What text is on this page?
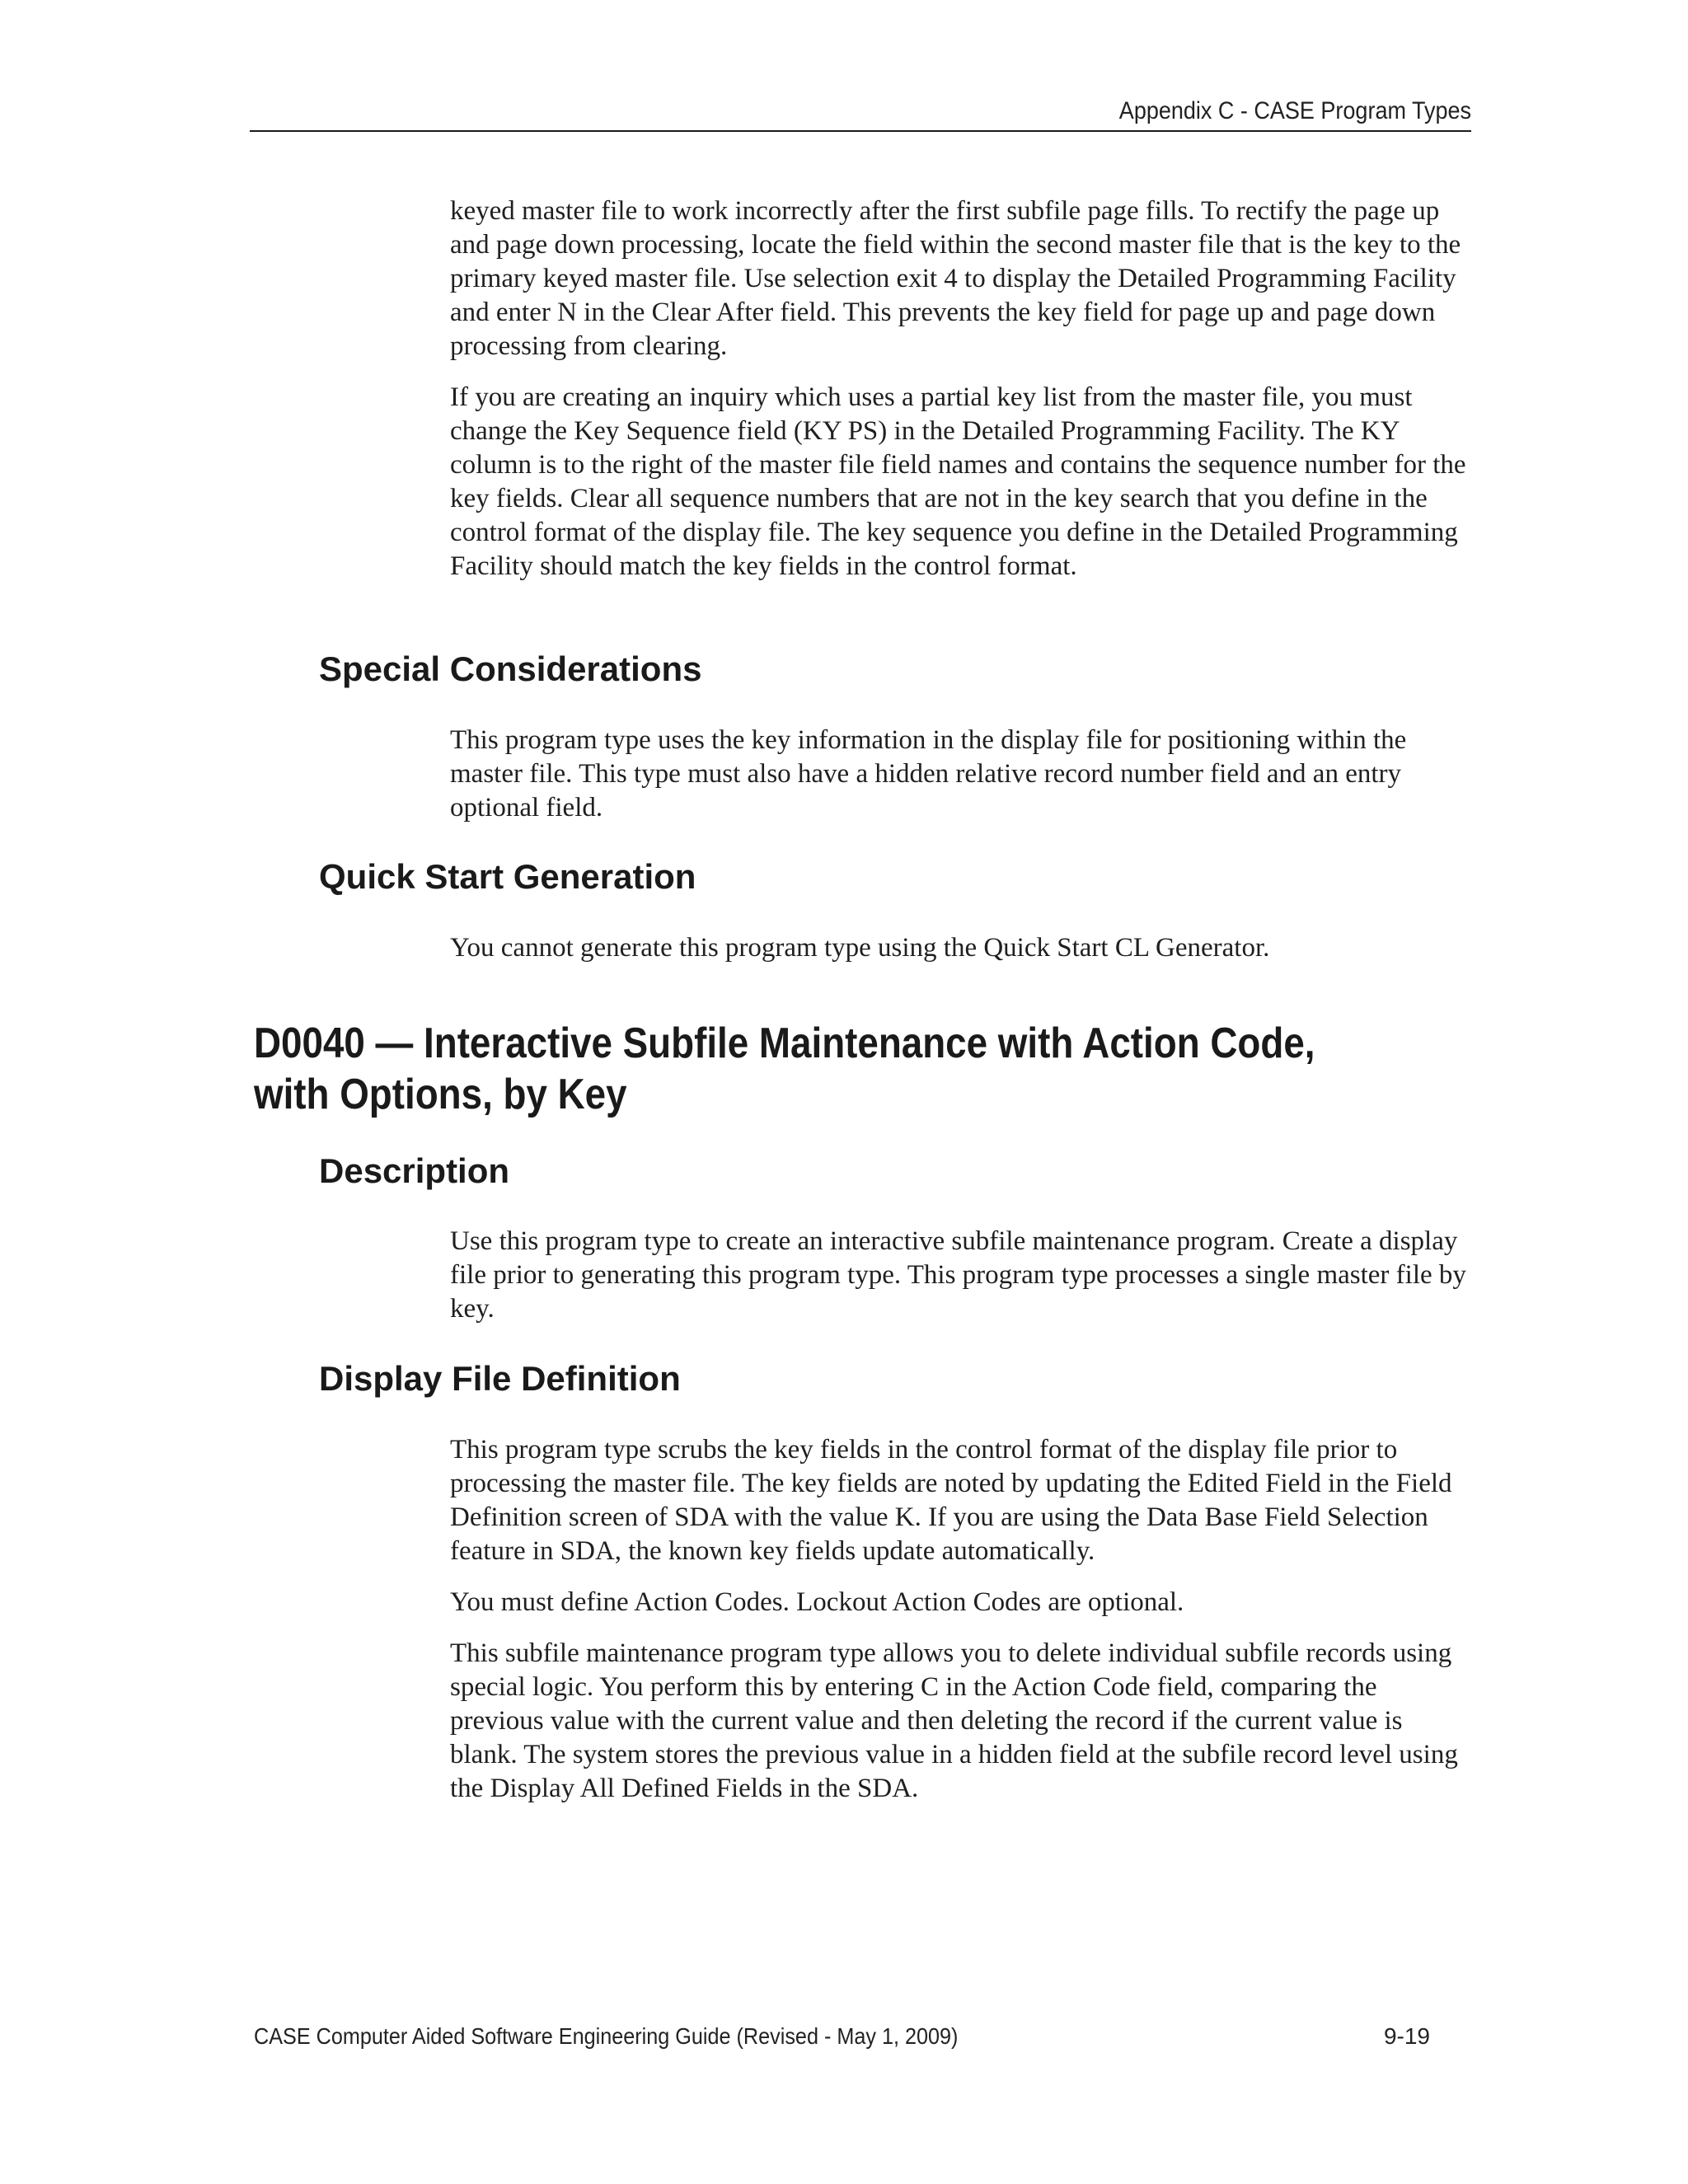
Appendix C - CASE Program Types

keyed master file to work incorrectly after the first subfile page fills. To rectify the page up and page down processing, locate the field within the second master file that is the key to the primary keyed master file. Use selection exit 4 to display the Detailed Programming Facility and enter N in the Clear After field. This prevents the key field for page up and page down processing from clearing.

If you are creating an inquiry which uses a partial key list from the master file, you must change the Key Sequence field (KY PS) in the Detailed Programming Facility. The KY column is to the right of the master file field names and contains the sequence number for the key fields. Clear all sequence numbers that are not in the key search that you define in the control format of the display file. The key sequence you define in the Detailed Programming Facility should match the key fields in the control format.

Special Considerations

This program type uses the key information in the display file for positioning within the master file. This type must also have a hidden relative record number field and an entry optional field.

Quick Start Generation

You cannot generate this program type using the Quick Start CL Generator.

D0040 — Interactive Subfile Maintenance with Action Code, with Options, by Key
Description

Use this program type to create an interactive subfile maintenance program. Create a display file prior to generating this program type. This program type processes a single master file by key.

Display File Definition

This program type scrubs the key fields in the control format of the display file prior to processing the master file. The key fields are noted by updating the Edited Field in the Field Definition screen of SDA with the value K. If you are using the Data Base Field Selection feature in SDA, the known key fields update automatically.

You must define Action Codes. Lockout Action Codes are optional.

This subfile maintenance program type allows you to delete individual subfile records using special logic. You perform this by entering C in the Action Code field, comparing the previous value with the current value and then deleting the record if the current value is blank. The system stores the previous value in a hidden field at the subfile record level using the Display All Defined Fields in the SDA.

CASE Computer Aided Software Engineering Guide (Revised - May 1, 2009)	9-19
